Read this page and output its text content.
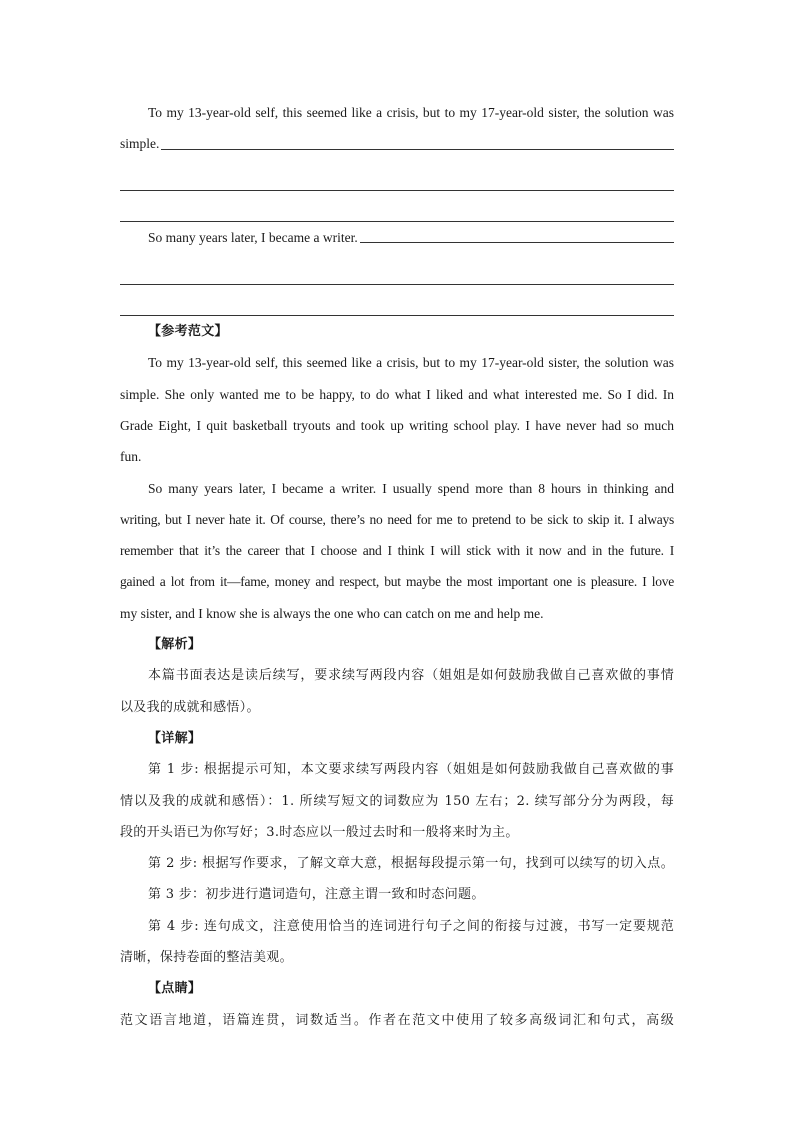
To my 13-year-old self, this seemed like a crisis, but to my 17-year-old sister, the solution was
simple.
So many years later, I became a writer.
【参考范文】
To my 13-year-old self, this seemed like a crisis, but to my 17-year-old sister, the solution was
simple. She only wanted me to be happy, to do what I liked and what interested me. So I did. In
Grade Eight, I quit basketball tryouts and took up writing school play. I have never had so much
fun.
So many years later, I became a writer. I usually spend more than 8 hours in thinking and
writing, but I never hate it. Of course, there’s no need for me to pretend to be sick to skip it. I always
remember that it’s the career that I choose and I think I will stick with it now and in the future. I
gained a lot from it—fame, money and respect, but maybe the most important one is pleasure. I love
my sister, and I know she is always the one who can catch on me and help me.
【解析】
本篇书面表达是读后续写，要求续写两段内容（姐姐是如何鼓励我做自己喜欢做的事情
以及我的成就和感悟）。
【详解】
第 1 步: 根据提示可知，本文要求续写两段内容（姐姐是如何鼓励我做自己喜欢做的事
情以及我的成就和感悟）：1. 所续写短文的词数应为 150 左右；2. 续写部分分为两段，每
段的开头语已为你写好；3.时态应以一般过去时和一般将来时为主。
第 2 步: 根据写作要求，了解文章大意，根据每段提示第一句，找到可以续写的切入点。
第 3 步：初步进行遣词造句，注意主谓一致和时态问题。
第 4 步: 连句成文，注意使用恰当的连词进行句子之间的衔接与过渡，书写一定要规范
清晰，保持卷面的整洁美观。
【点睛】
范文语言地道，语篇连贯，词数适当。作者在范文中使用了较多高级词汇和句式，高级
